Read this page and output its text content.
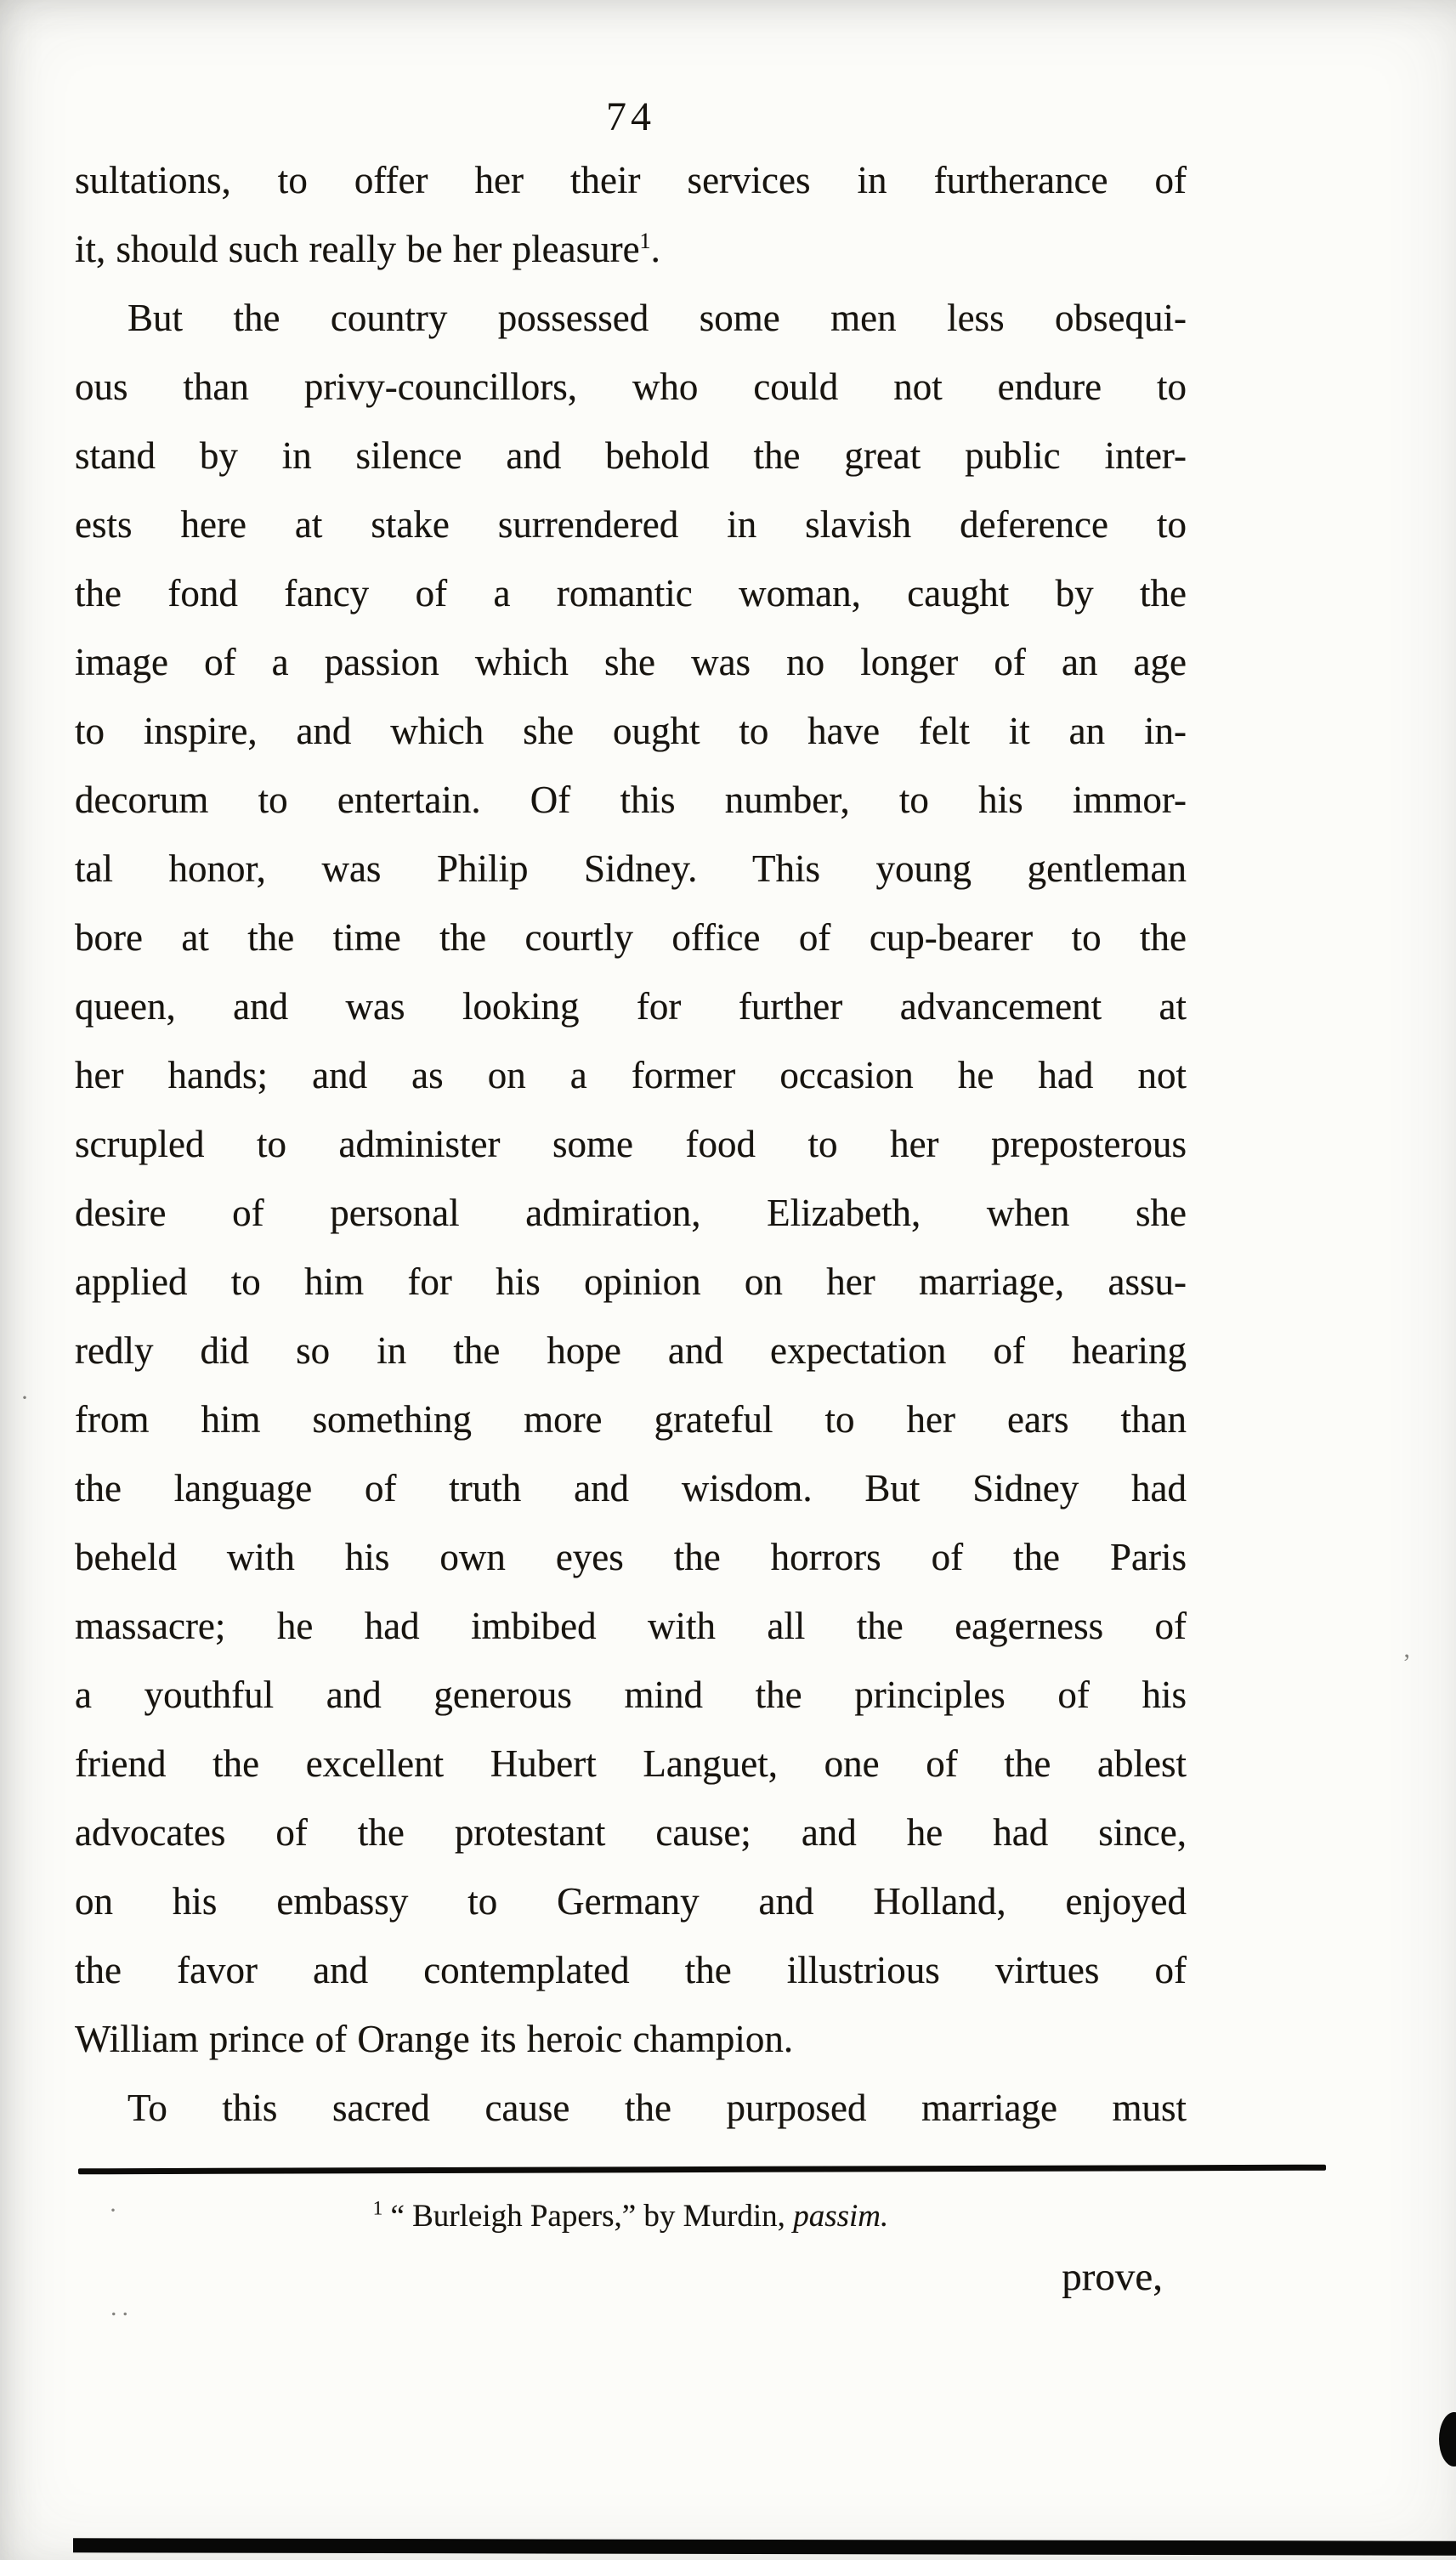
74
sultations, to offer her their services in furtherance of
it, should such really be her pleasure$^1$.
But the country possessed some men less obsequi-
ous than privy-councillors, who could not endure to
stand by in silence and behold the great public inter-
ests here at stake surrendered in slavish deference to
the fond fancy of a romantic woman, caught by the
image of a passion which she was no longer of an age
to inspire, and which she ought to have felt it an in-
decorum to entertain. Of this number, to his immor-
tal honor, was Philip Sidney. This young gentleman
bore at the time the courtly office of cup-bearer to the
queen, and was looking for further advancement at
her hands; and as on a former occasion he had not
scrupled to administer some food to her preposterous
desire of personal admiration, Elizabeth, when she
applied to him for his opinion on her marriage, assu-
redly did so in the hope and expectation of hearing
from him something more grateful to her ears than
the language of truth and wisdom. But Sidney had
beheld with his own eyes the horrors of the Paris
massacre; he had imbibed with all the eagerness of
a youthful and generous mind the principles of his
friend the excellent Hubert Languet, one of the ablest
advocates of the protestant cause; and he had since,
on his embassy to Germany and Holland, enjoyed
the favor and contemplated the illustrious virtues of
William prince of Orange its heroic champion.
To this sacred cause the purposed marriage must
$^1$ “ Burleigh Papers,” by Murdin, passim.
prove,
’
·
..
·
